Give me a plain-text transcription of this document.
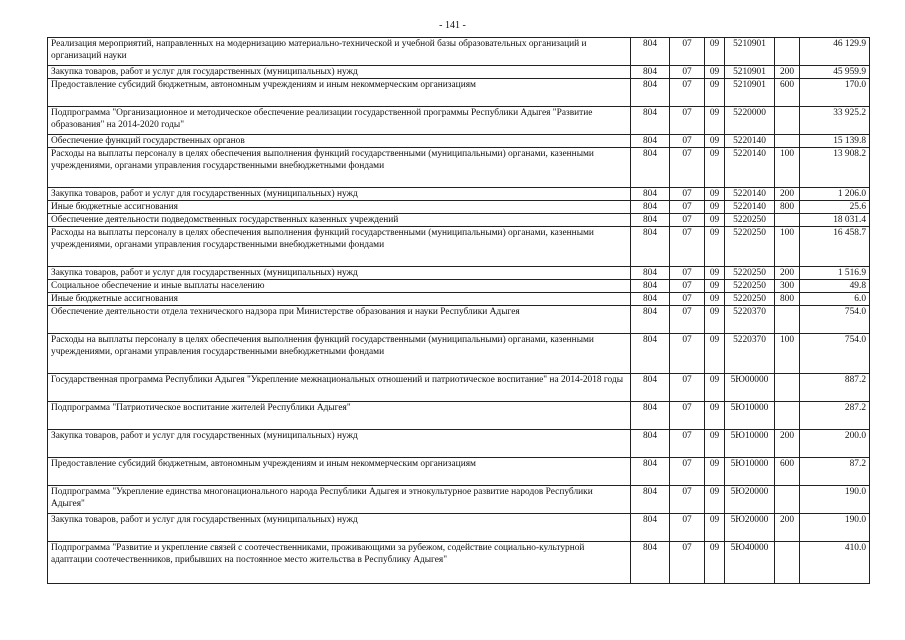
- 141 -
Реализация мероприятий, направленных на модернизацию материально-технической и учебной базы образовательных организаций и организаций науки	804	07	09	5210901		46 129.9
Закупка товаров, работ и услуг для государственных (муниципальных) нужд	804	07	09	5210901	200	45 959.9
Предоставление субсидий бюджетным, автономным учреждениям и иным некоммерческим организациям	804	07	09	5210901	600	170.0
Подпрограмма "Организационное и методическое обеспечение реализации государственной программы Республики Адыгея "Развитие образования" на 2014-2020 годы"	804	07	09	5220000		33 925.2
Обеспечение функций государственных органов	804	07	09	5220140		15 139.8
Расходы на выплаты персоналу в целях обеспечения выполнения функций государственными (муниципальными) органами, казенными учреждениями, органами управления государственными внебюджетными фондами	804	07	09	5220140	100	13 908.2
Закупка товаров, работ и услуг для государственных (муниципальных) нужд	804	07	09	5220140	200	1 206.0
Иные бюджетные ассигнования	804	07	09	5220140	800	25.6
Обеспечение деятельности подведомственных государственных казенных учреждений	804	07	09	5220250		18 031.4
Расходы на выплаты персоналу в целях обеспечения выполнения функций государственными (муниципальными) органами, казенными учреждениями, органами управления государственными внебюджетными фондами	804	07	09	5220250	100	16 458.7
Закупка товаров, работ и услуг для государственных (муниципальных) нужд	804	07	09	5220250	200	1 516.9
Социальное обеспечение и иные выплаты населению	804	07	09	5220250	300	49.8
Иные бюджетные ассигнования	804	07	09	5220250	800	6.0
Обеспечение деятельности отдела технического надзора при Министерстве образования и науки Республики Адыгея	804	07	09	5220370		754.0
Расходы на выплаты персоналу в целях обеспечения выполнения функций государственными (муниципальными) органами, казенными учреждениями, органами управления государственными внебюджетными фондами	804	07	09	5220370	100	754.0
Государственная программа Республики Адыгея "Укрепление межнациональных отношений и патриотическое воспитание" на 2014-2018 годы	804	07	09	5Ю00000		887.2
Подпрограмма "Патриотическое воспитание жителей Республики Адыгея"	804	07	09	5Ю10000		287.2
Закупка товаров, работ и услуг для государственных (муниципальных) нужд	804	07	09	5Ю10000	200	200.0
Предоставление субсидий бюджетным, автономным учреждениям и иным некоммерческим организациям	804	07	09	5Ю10000	600	87.2
Подпрограмма "Укрепление единства многонационального народа Республики Адыгея и этнокультурное развитие народов Республики Адыгея"	804	07	09	5Ю20000		190.0
Закупка товаров, работ и услуг для государственных (муниципальных) нужд	804	07	09	5Ю20000	200	190.0
Подпрограмма "Развитие и укрепление связей с соотечественниками, проживающими за рубежом, содействие социально-культурной адаптации соотечественников, прибывших на постоянное место жительства в Республику Адыгея"	804	07	09	5Ю40000		410.0
